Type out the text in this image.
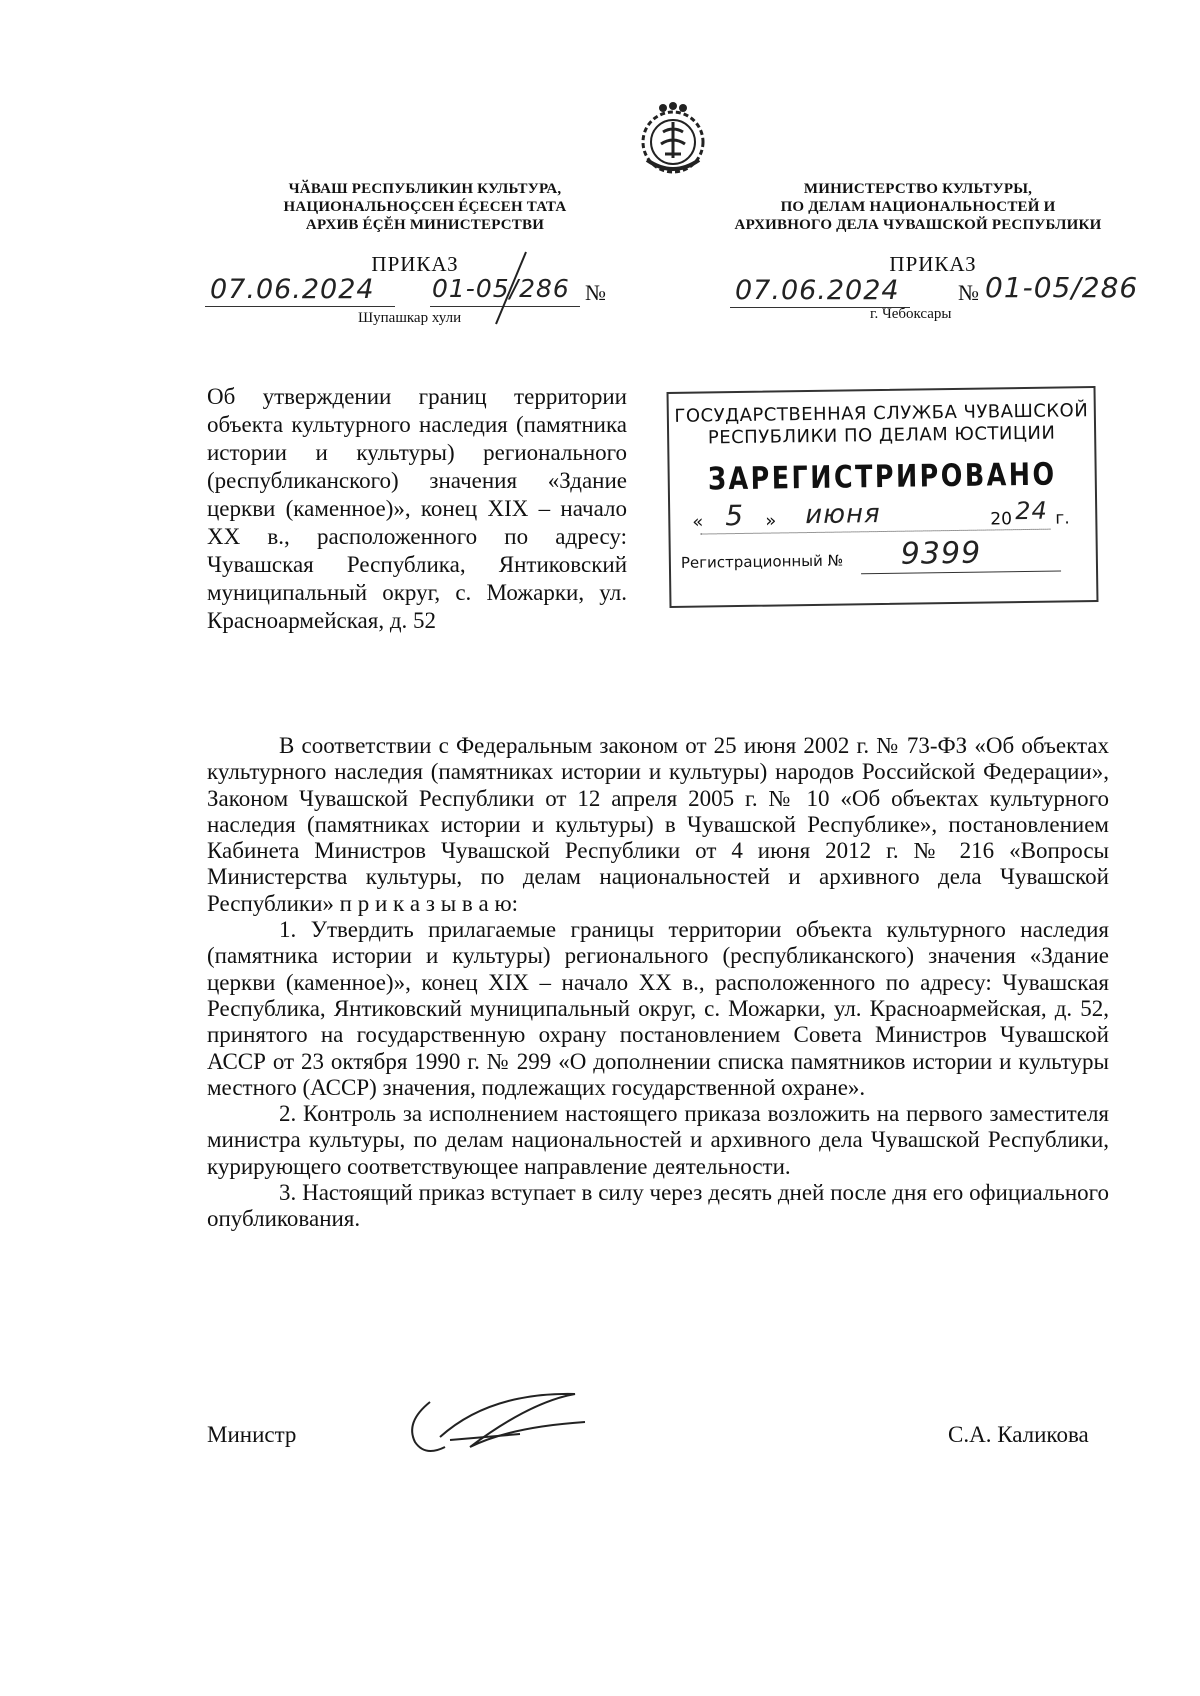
ЧӐВАШ РЕСПУБЛИКИН КУЛЬТУРА,
НАЦИОНАЛЬНОÇСЕН ÉÇЕСЕН ТАТА
АРХИВ ÉÇĔН МИНИСТЕРСТВИ
МИНИСТЕРСТВО КУЛЬТУРЫ,
ПО ДЕЛАМ НАЦИОНАЛЬНОСТЕЙ И
АРХИВНОГО ДЕЛА ЧУВАШСКОЙ РЕСПУБЛИКИ
ПРИКАЗ
07.06.2024 01-05/286 №
Шупашкар хули
ПРИКАЗ
07.06.2024	№ 01-05/286
г. Чебоксары
Об утверждении границ территории объекта культурного наследия (памятника истории и культуры) регионального (республиканского) значения «Здание церкви (каменное)», конец XIX – начало XX в., расположенного по адресу: Чувашская Республика, Янтиковский муниципальный округ, с. Можарки, ул. Красноармейская, д. 52
ГОСУДАРСТВЕННАЯ СЛУЖБА ЧУВАШСКОЙ
РЕСПУБЛИКИ ПО ДЕЛАМ ЮСТИЦИИ
ЗАРЕГИСТРИРОВАНО
« 5 » июня	20 24 г.
Регистрационный № 9399

В соответствии с Федеральным законом от 25 июня 2002 г. № 73-ФЗ «Об объектах культурного наследия (памятниках истории и культуры) народов Российской Федерации», Законом Чувашской Республики от 12 апреля 2005 г. № 10 «Об объектах культурного наследия (памятниках истории и культуры) в Чувашской Республике», постановлением Кабинета Министров Чувашской Республики от 4 июня 2012 г. № 216 «Вопросы Министерства культуры, по делам национальностей и архивного дела Чувашской Республики» п р и к а з ы в а ю:

1. Утвердить прилагаемые границы территории объекта культурного наследия (памятника истории и культуры) регионального (республиканского) значения «Здание церкви (каменное)», конец XIX – начало XX в., расположенного по адресу: Чувашская Республика, Янтиковский муниципальный округ, с. Можарки, ул. Красноармейская, д. 52, принятого на государственную охрану постановлением Совета Министров Чувашской АССР от 23 октября 1990 г. № 299 «О дополнении списка памятников истории и культуры местного (АССР) значения, подлежащих государственной охране».

2. Контроль за исполнением настоящего приказа возложить на первого заместителя министра культуры, по делам национальностей и архивного дела Чувашской Республики, курирующего соответствующее направление деятельности.

3. Настоящий приказ вступает в силу через десять дней после дня его официального опубликования.

Министр	С.А. Каликова
